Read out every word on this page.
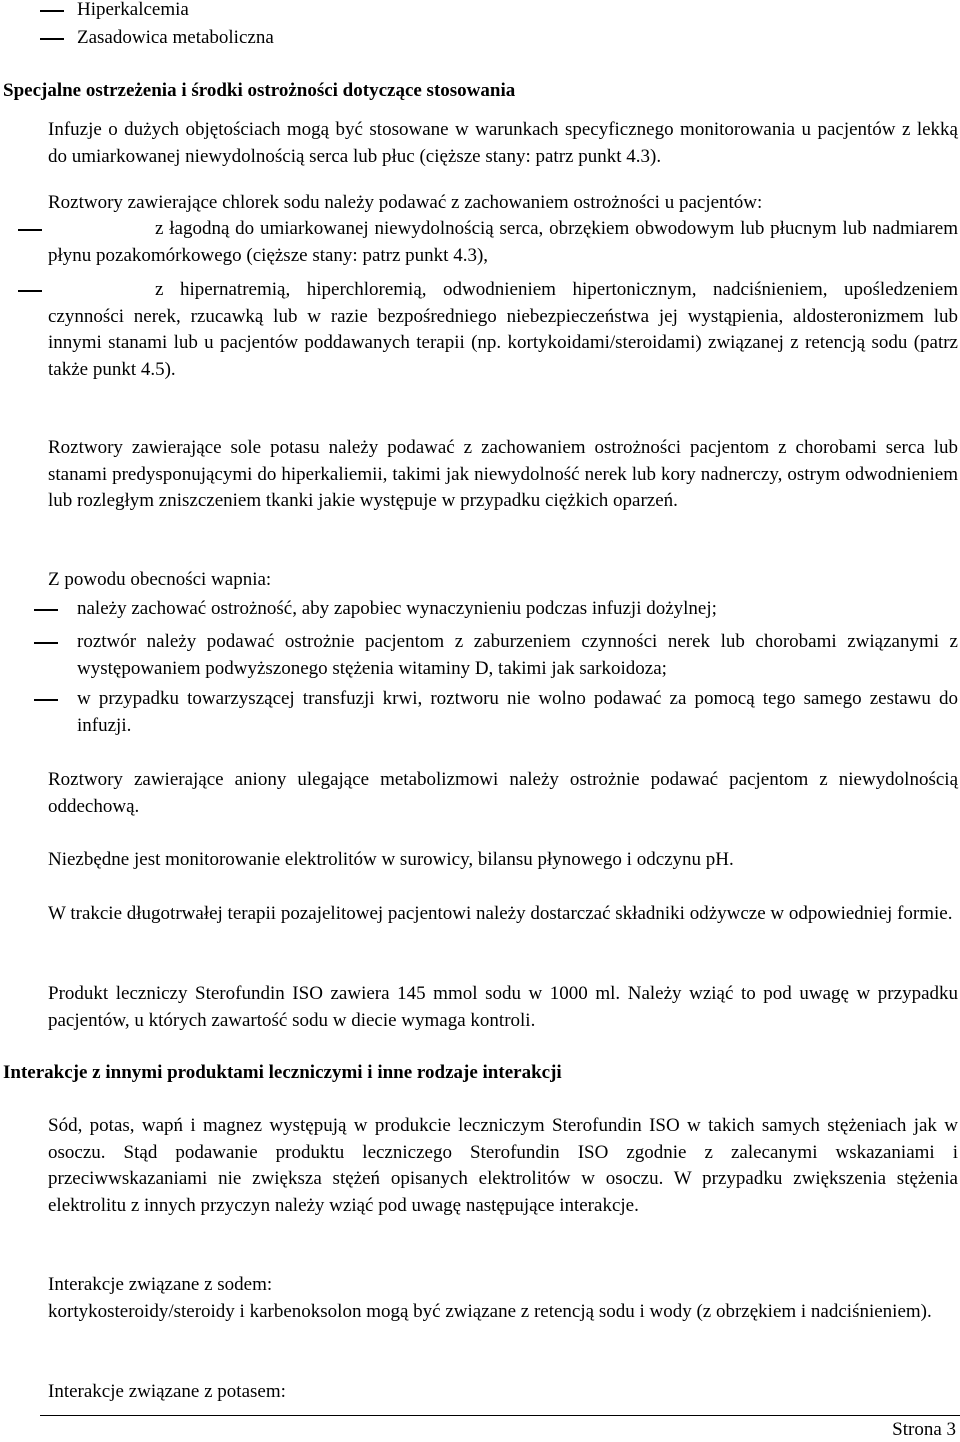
Hiperkalcemia
Zasadowica metaboliczna
Specjalne ostrzeżenia i środki ostrożności dotyczące stosowania
Infuzje o dużych objętościach mogą być stosowane w warunkach specyficznego monitorowania u pacjentów z lekką do umiarkowanej niewydolnością serca lub płuc (cięższe stany: patrz punkt 4.3).
Roztwory zawierające chlorek sodu należy podawać z zachowaniem ostrożności u pacjentów:
z łagodną do umiarkowanej niewydolnością serca, obrzękiem obwodowym lub płucnym lub nadmiarem płynu pozakomórkowego (cięższe stany: patrz punkt 4.3),
z hipernatremią, hiperchloremią, odwodnieniem hipertonicznym, nadciśnieniem, upośledzeniem czynności nerek, rzucawką lub w razie bezpośredniego niebezpieczeństwa jej wystąpienia, aldosteronizmem lub innymi stanami lub u pacjentów poddawanych terapii (np. kortykoidami/steroidami) związanej z retencją sodu (patrz także punkt 4.5).
Roztwory zawierające sole potasu należy podawać z zachowaniem ostrożności pacjentom z chorobami serca lub stanami predysponującymi do hiperkaliemii, takimi jak niewydolność nerek lub kory nadnerczy, ostrym odwodnieniem lub rozległym zniszczeniem tkanki jakie występuje w przypadku ciężkich oparzeń.
Z powodu obecności wapnia:
należy zachować ostrożność, aby zapobiec wynaczynieniu podczas infuzji dożylnej;
roztwór należy podawać ostrożnie pacjentom z zaburzeniem czynności nerek lub chorobami związanymi z występowaniem podwyższonego stężenia witaminy D, takimi jak sarkoidoza;
w przypadku towarzyszącej transfuzji krwi, roztworu nie wolno podawać za pomocą tego samego zestawu do infuzji.
Roztwory zawierające aniony ulegające metabolizmowi należy ostrożnie podawać pacjentom z niewydolnością oddechową.
Niezbędne jest monitorowanie elektrolitów w surowicy, bilansu płynowego i odczynu pH.
W trakcie długotrwałej terapii pozajelitowej pacjentowi należy dostarczać składniki odżywcze w odpowiedniej formie.
Produkt leczniczy Sterofundin ISO zawiera 145 mmol sodu w 1000 ml. Należy wziąć to pod uwagę w przypadku pacjentów, u których zawartość sodu w diecie wymaga kontroli.
Interakcje z innymi produktami leczniczymi i inne rodzaje interakcji
Sód, potas, wapń i magnez występują w produkcie leczniczym Sterofundin ISO w takich samych stężeniach jak w osoczu. Stąd podawanie produktu leczniczego Sterofundin ISO zgodnie z zalecanymi wskazaniami i przeciwwskazaniami nie zwiększa stężeń opisanych elektrolitów w osoczu. W przypadku zwiększenia stężenia elektrolitu z innych przyczyn należy wziąć pod uwagę następujące interakcje.
Interakcje związane z sodem:
kortykosteroidy/steroidy i karbenoksolon mogą być związane z retencją sodu i wody (z obrzękiem i nadciśnieniem).
Interakcje związane z potasem:
Strona 3
